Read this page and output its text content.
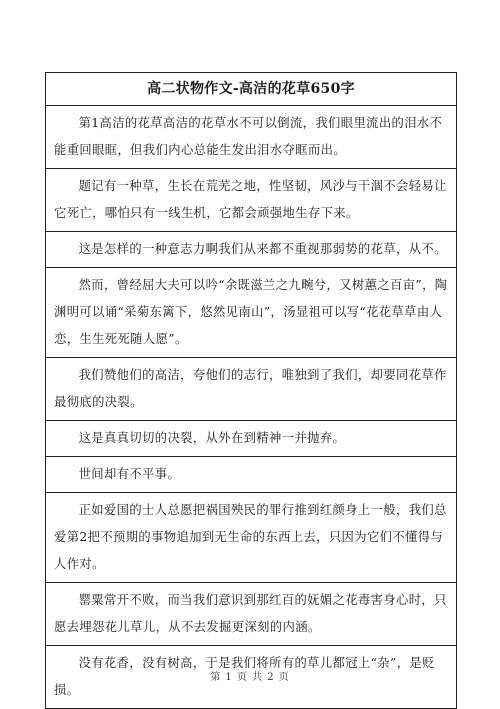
高二状物作文-高洁的花草650字
第1高洁的花草高洁的花草水不可以倒流，我们眼里流出的泪水不能重回眼眶，但我们内心总能生发出泪水夺眶而出。
题记有一种草，生长在荒芜之地，性坚韧，风沙与干涸不会轻易让它死亡，哪怕只有一线生机，它都会顽强地生存下来。
这是怎样的一种意志力啊我们从来都不重视那弱势的花草，从不。
然而，曾经屈大夫可以吟“余既滋兰之九畹兮，又树蕙之百亩”，陶渊明可以诵“采菊东篱下，悠然见南山”，汤显祖可以写“花花草草由人恋，生生死死随人愿”。
我们赞他们的高洁，夸他们的志行，唯独到了我们，却要同花草作最彻底的决裂。
这是真真切切的决裂，从外在到精神一并抛弃。
世间却有不平事。
正如爱国的士人总愿把祸国殃民的罪行推到红颜身上一般，我们总爱第2把不预期的事物追加到无生命的东西上去，只因为它们不懂得与人作对。
罂粟常开不败，而当我们意识到那红百的妩媚之花毒害身心时，只愿去埋怨花儿草儿，从不去发掘更深刻的内涵。
没有花香，没有树高，于是我们将所有的草儿都冠上“杂”，是贬损。
第 1 页 共 2 页
